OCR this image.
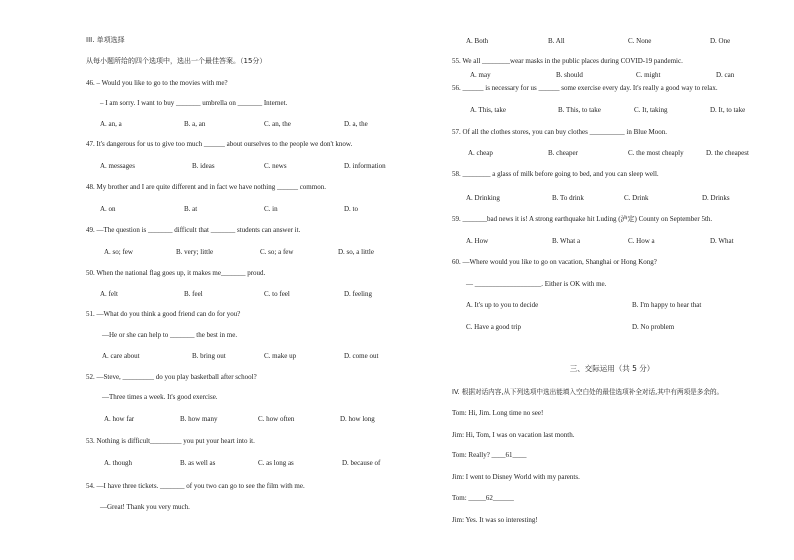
III. 单项选择
从每小题所给的四个选项中，选出一个最佳答案。（15分）
46. – Would you like to go to the movies with me?
– I am sorry. I want to buy _______ umbrella on _______ Internet.
A. an, a	B. a, an	C. an, the	D. a, the
47. It's dangerous for us to give too much ______ about ourselves to the people we don't know.
A. messages	B. ideas	C. news	D. information
48. My brother and I are quite different and in fact we have nothing ______ common.
A. on	B. at	C. in	D. to
49. —The question is _______ difficult that _______ students can answer it.
A. so; few	B. very; little	C. so; a few	D. so, a little
50. When the national flag goes up, it makes me_______ proud.
A. felt	B. feel	C. to feel	D. feeling
51. —What do you think a good friend can do for you?
—He or she can help to _______ the best in me.
A. care about	B. bring out	C. make up	D. come out
52. —Steve, _________ do you play basketball after school?
—Three times a week. It's good exercise.
A. how far	B. how many	C. how often	D. how long
53. Nothing is difficult_________ you put your heart into it.
A. though	B. as well as	C. as long as	D. because of
54. —I have three tickets. _______ of you two can go to see the film with me.
—Great! Thank you very much.
A. Both	B. All	C. None	D. One
55. We all ________wear masks in the public places during COVID-19 pandemic.
A. may	B. should	C. might	D. can
56. ______ is necessary for us ______ some exercise every day. It's really a good way to relax.
A. This, take	B. This, to take	C. It, taking	D. It, to take
57. Of all the clothes stores, you can buy clothes __________ in Blue Moon.
A. cheap	B. cheaper	C. the most cheaply	D. the cheapest
58. ________ a glass of milk before going to bed, and you can sleep well.
A. Drinking	B. To drink	C. Drink	D. Drinks
59. _______bad news it is! A strong earthquake hit Luding (泸定) County on September 5th.
A. How	B. What a	C. How a	D. What
60. —Where would you like to go on vacation, Shanghai or Hong Kong?
— ___________________. Either is OK with me.
A. It's up to you to decide	B. I'm happy to hear that
C. Have a good trip	D. No problem
三、交际运用（共 5 分）
IV. 根据对话内容,从下列选项中选出能填入空白处的最佳选项补全对话,其中有两项是多余的。
Tom: Hi, Jim. Long time no see!
Jim: Hi, Tom, I was on vacation last month.
Tom: Really? ____61____
Jim: I went to Disney World with my parents.
Tom: _____62______
Jim: Yes. It was so interesting!
